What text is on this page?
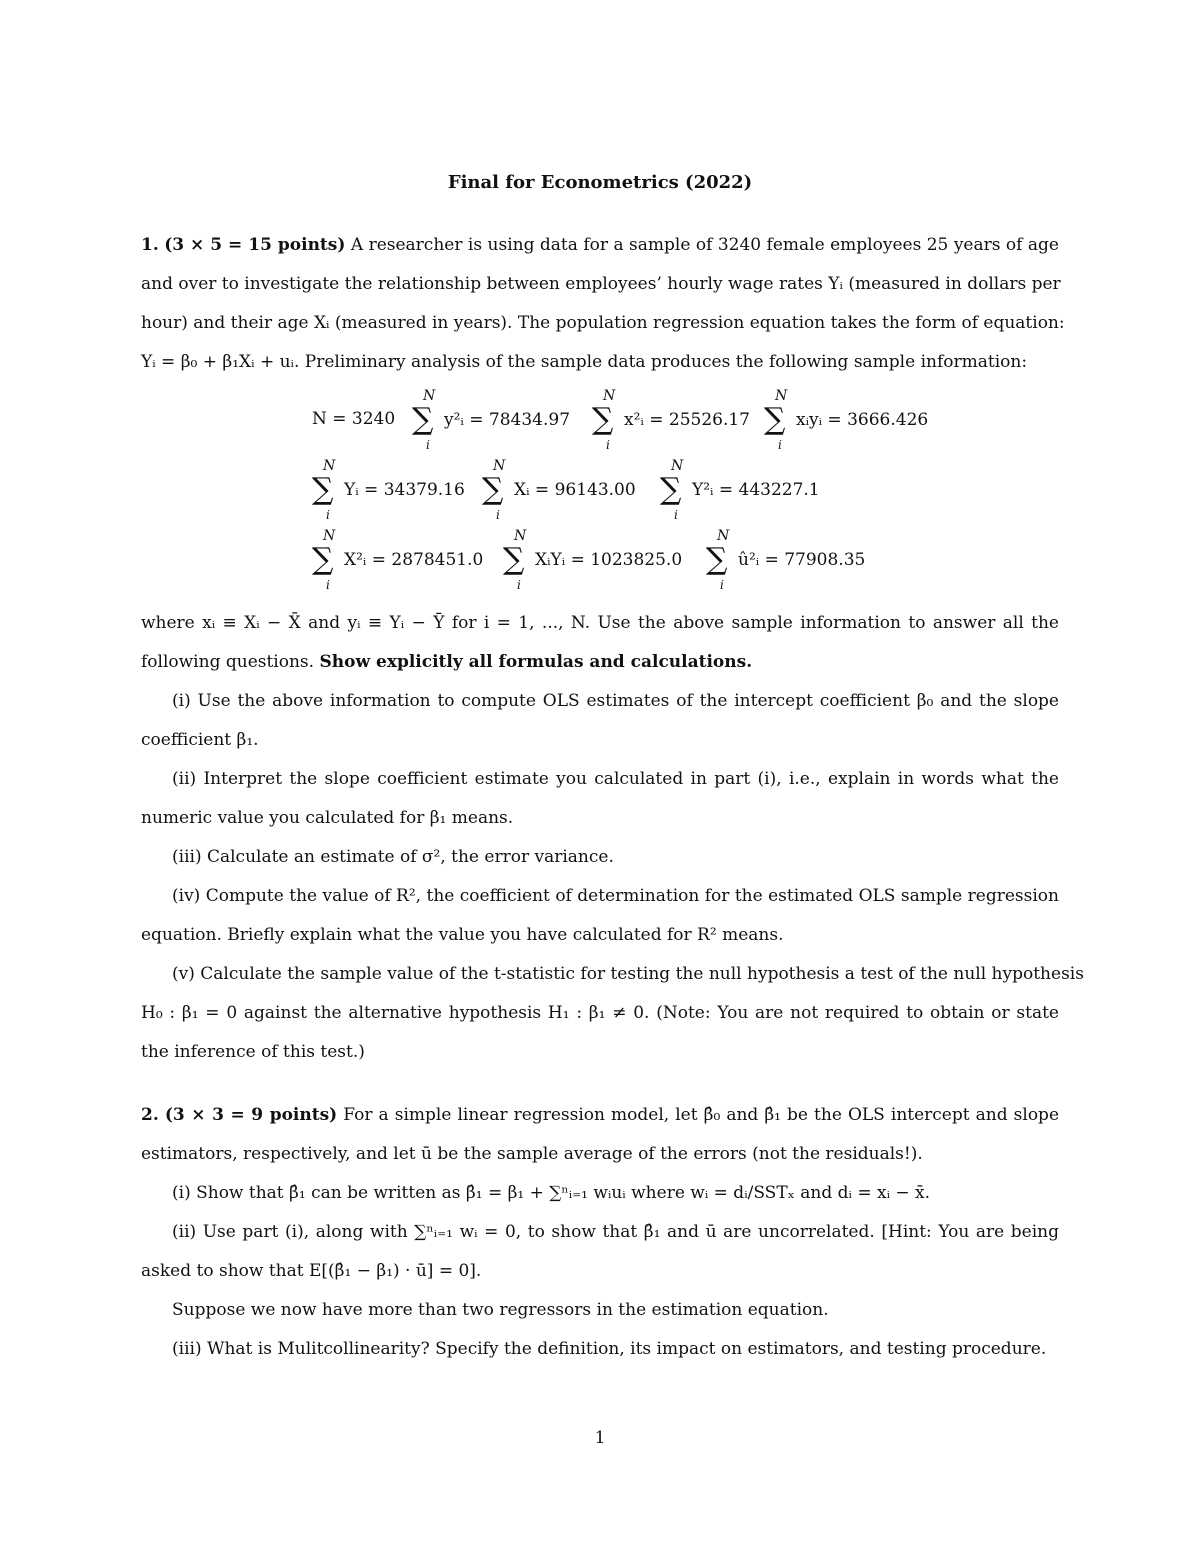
Final for Econometrics (2022)
1. (3 × 5 = 15 points) A researcher is using data for a sample of 3240 female employees 25 years of age
and over to investigate the relationship between employees’ hourly wage rates Yᵢ (measured in dollars per
hour) and their age Xᵢ (measured in years). The population regression equation takes the form of equation:
Yᵢ = β₀ + β₁Xᵢ + uᵢ. Preliminary analysis of the sample data produces the following sample information:
N = 3240
N
∑
i
y²ᵢ = 78434.97
N
∑
i
x²ᵢ = 25526.17
N
∑
i
xᵢyᵢ = 3666.426
N
∑
i
Yᵢ = 34379.16
N
∑
i
Xᵢ = 96143.00
N
∑
i
Y²ᵢ = 443227.1
N
∑
i
X²ᵢ = 2878451.0
N
∑
i
XᵢYᵢ = 1023825.0
N
∑
i
û²ᵢ = 77908.35
where xᵢ ≡ Xᵢ − X̄ and yᵢ ≡ Yᵢ − Ȳ for i = 1, ..., N. Use the above sample information to answer all the
following questions. Show explicitly all formulas and calculations.
(i) Use the above information to compute OLS estimates of the intercept coefficient β₀ and the slope
coefficient β₁.
(ii) Interpret the slope coefficient estimate you calculated in part (i), i.e., explain in words what the
numeric value you calculated for β₁ means.
(iii) Calculate an estimate of σ², the error variance.
(iv) Compute the value of R², the coefficient of determination for the estimated OLS sample regression
equation. Briefly explain what the value you have calculated for R² means.
(v) Calculate the sample value of the t-statistic for testing the null hypothesis a test of the null hypothesis
H₀ : β₁ = 0 against the alternative hypothesis H₁ : β₁ ≠ 0. (Note: You are not required to obtain or state
the inference of this test.)
2. (3 × 3 = 9 points) For a simple linear regression model, let β̂₀ and β̂₁ be the OLS intercept and slope
estimators, respectively, and let ū be the sample average of the errors (not the residuals!).
(i) Show that β̂₁ can be written as β̂₁ = β₁ + ∑ⁿᵢ₌₁ wᵢuᵢ where wᵢ = dᵢ/SSTₓ and dᵢ = xᵢ − x̄.
(ii) Use part (i), along with ∑ⁿᵢ₌₁ wᵢ = 0, to show that β̂₁ and ū are uncorrelated. [Hint: You are being
asked to show that E[(β̂₁ − β₁) · ū] = 0].
Suppose we now have more than two regressors in the estimation equation.
(iii) What is Mulitcollinearity? Specify the definition, its impact on estimators, and testing procedure.
1
